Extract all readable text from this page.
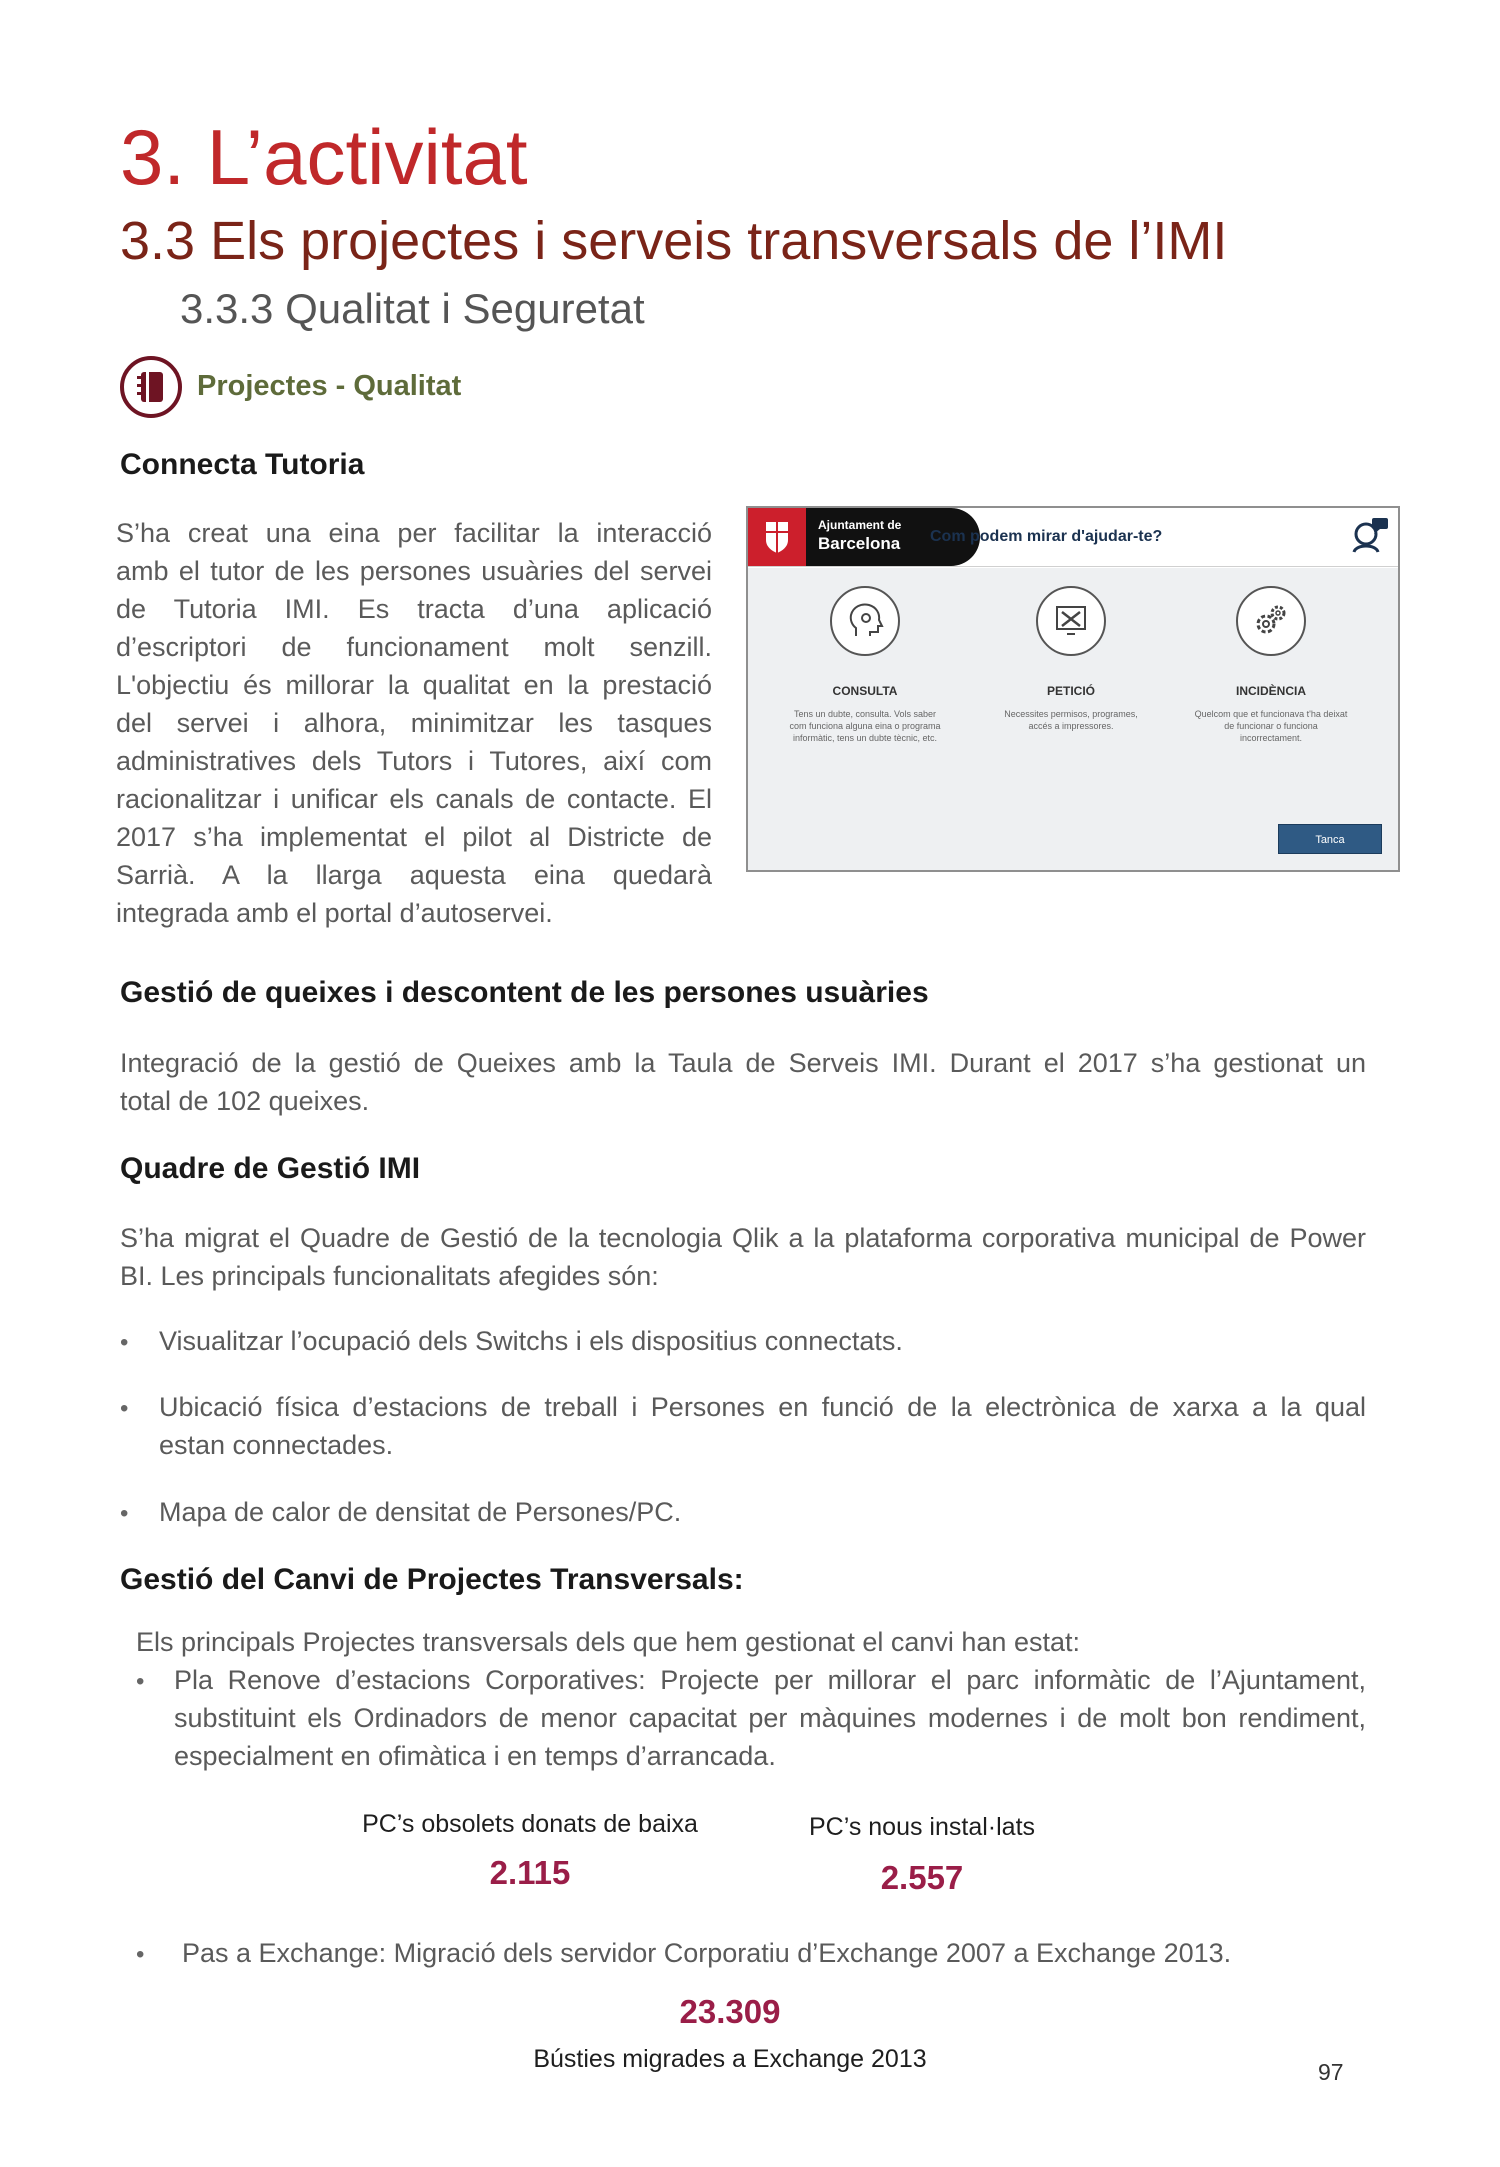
3. L’activitat
3.3 Els projectes i serveis transversals de l’IMI
3.3.3 Qualitat i Seguretat
Projectes - Qualitat
Connecta Tutoria
S’ha creat una eina per facilitar la interacció
amb el tutor de les persones usuàries del servei
de Tutoria IMI. Es tracta d’una aplicació
d’escriptori de funcionament molt senzill.
L'objectiu és millorar la qualitat en la prestació
del servei i alhora, minimitzar les tasques
administratives dels Tutors i Tutores, així com
racionalitzar i unificar els canals de contacte. El
2017 s’ha implementat el pilot al Districte de
Sarrià. A la llarga aquesta eina quedarà
integrada amb el portal d’autoservei.
Ajuntament de
Barcelona Com podem mirar d'ajudar-te?
CONSULTA
Tens un dubte, consulta. Vols saber com funciona alguna eina o programa informàtic, tens un dubte tècnic, etc.
PETICIÓ
Necessites permisos, programes, accés a impressores.
INCIDÈNCIA
Quelcom que et funcionava t'ha deixat de funcionar o funciona incorrectament.
Tanca
Gestió de queixes i descontent de les persones usuàries
Integració de la gestió de Queixes amb la Taula de Serveis IMI. Durant el 2017 s’ha gestionat un
total de 102 queixes.
Quadre de Gestió IMI
S’ha migrat el Quadre de Gestió de la tecnologia Qlik a la plataforma corporativa municipal de Power
BI. Les principals funcionalitats afegides són:
• Visualitzar l’ocupació dels Switchs i els dispositius connectats.
• Ubicació física d’estacions de treball i Persones en funció de la electrònica de xarxa a la qual
estan connectades.
• Mapa de calor de densitat de Persones/PC.
Gestió del Canvi de Projectes Transversals:
Els principals Projectes transversals dels que hem gestionat el canvi han estat:
• Pla Renove d’estacions Corporatives: Projecte per millorar el parc informàtic de l’Ajuntament,
substituint els Ordinadors de menor capacitat per màquines modernes i de molt bon rendiment,
especialment en ofimàtica i en temps d’arrancada.
PC’s obsolets donats de baixa
2.115
PC’s nous instal·lats
2.557
• Pas a Exchange: Migració dels servidor Corporatiu d’Exchange 2007 a Exchange 2013.
23.309
Bústies migrades a Exchange 2013	97
